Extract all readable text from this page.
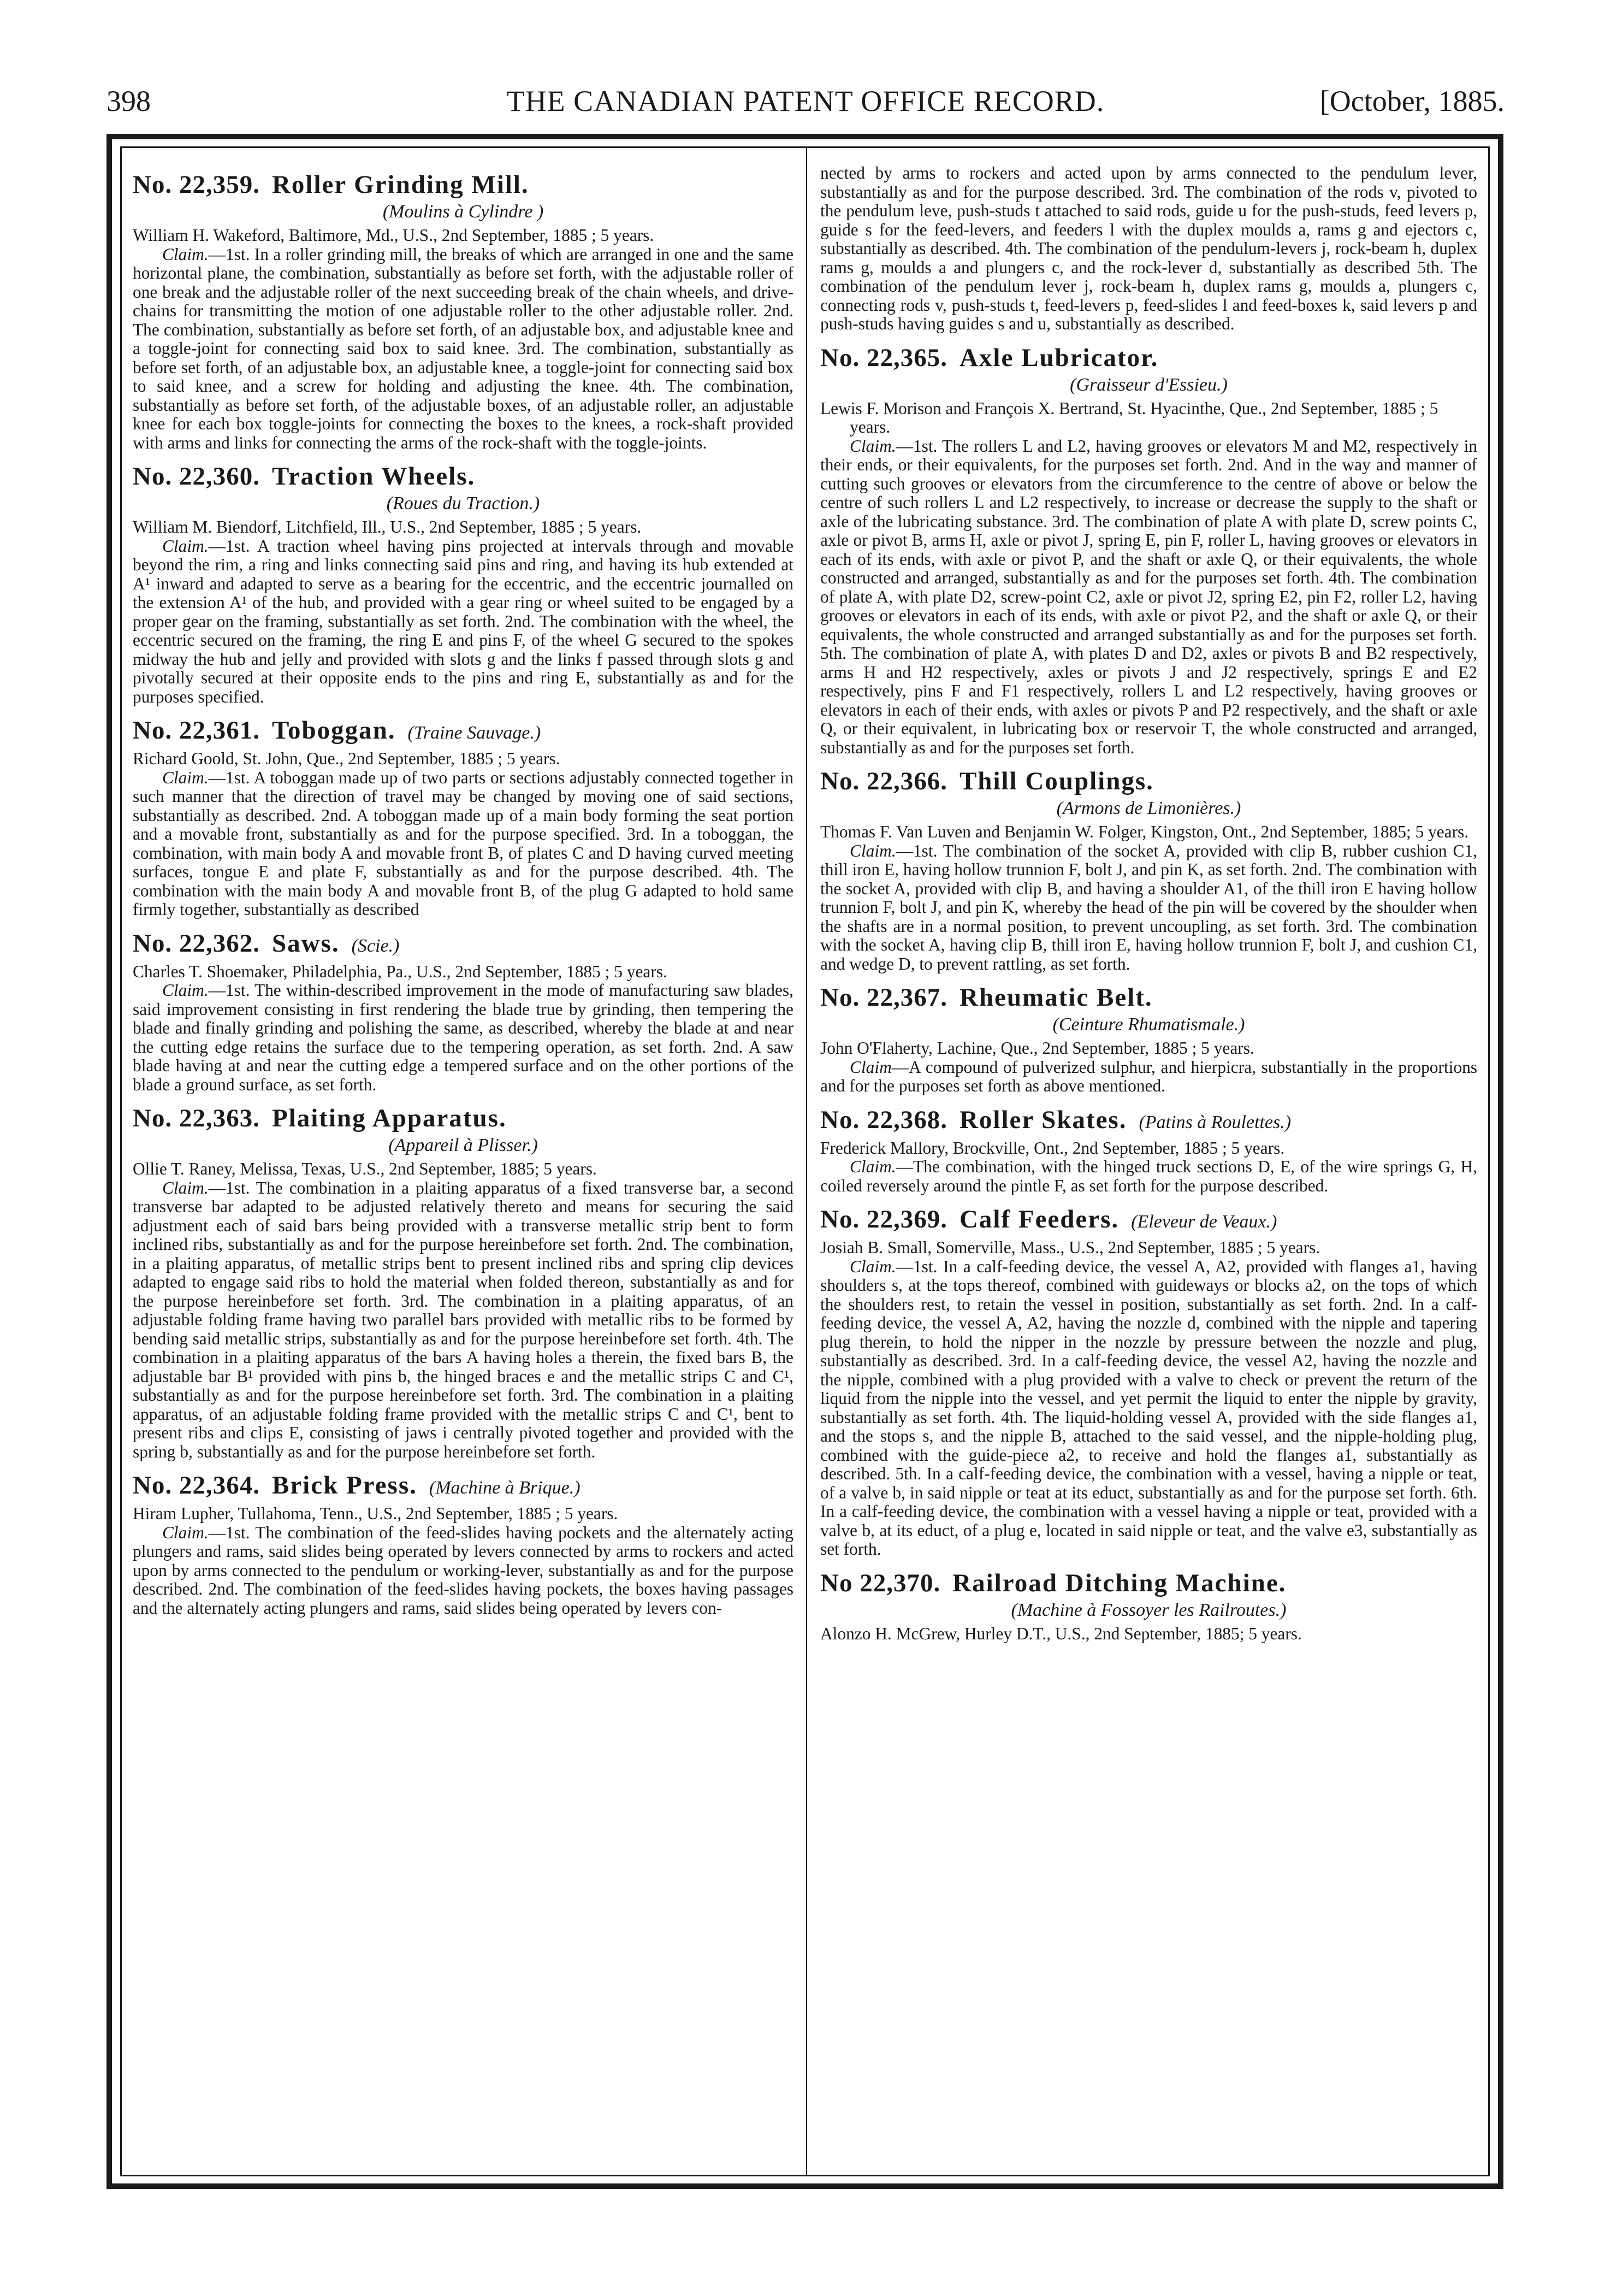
398	THE CANADIAN PATENT OFFICE RECORD.	[October, 1885.
No. 22,359. Roller Grinding Mill.
(Moulins à Cylindre )
William H. Wakeford, Baltimore, Md., U.S., 2nd September, 1885 ; 5 years.
Claim.—1st. In a roller grinding mill, the breaks of which are arranged in one and the same horizontal plane, the combination, substantially as before set forth, with the adjustable roller of one break and the adjustable roller of the next succeeding break of the chain wheels, and drive-chains for transmitting the motion of one adjustable roller to the other adjustable roller. 2nd. The combination, substantially as before set forth, of an adjustable box, and adjustable knee and a toggle-joint for connecting said box to said knee. 3rd. The combination, substantially as before set forth, of an adjustable box, an adjustable knee, a toggle-joint for connecting said box to said knee, and a screw for holding and adjusting the knee. 4th. The combination, substantially as before set forth, of the adjustable boxes, of an adjustable roller, an adjustable knee for each box toggle-joints for connecting the boxes to the knees, a rock-shaft provided with arms and links for connecting the arms of the rock-shaft with the toggle-joints.
No. 22,360. Traction Wheels.
(Roues du Traction.)
William M. Biendorf, Litchfield, Ill., U.S., 2nd September, 1885 ; 5 years.
Claim.—1st. A traction wheel having pins projected at intervals through and movable beyond the rim, a ring and links connecting said pins and ring, and having its hub extended at A¹ inward and adapted to serve as a bearing for the eccentric, and the eccentric journalled on the extension A¹ of the hub, and provided with a gear ring or wheel suited to be engaged by a proper gear on the framing, substantially as set forth. 2nd. The combination with the wheel, the eccentric secured on the framing, the ring E and pins F, of the wheel G secured to the spokes midway the hub and jelly and provided with slots g and the links f passed through slots g and pivotally secured at their opposite ends to the pins and ring E, substantially as and for the purposes specified.
No. 22,361. Toboggan. (Traine Sauvage.)
Richard Goold, St. John, Que., 2nd September, 1885 ; 5 years.
Claim.—1st. A toboggan made up of two parts or sections adjustably connected together in such manner that the direction of travel may be changed by moving one of said sections, substantially as described. 2nd. A toboggan made up of a main body forming the seat portion and a movable front, substantially as and for the purpose specified. 3rd. In a toboggan, the combination, with main body A and movable front B, of plates C and D having curved meeting surfaces, tongue E and plate F, substantially as and for the purpose described. 4th. The combination with the main body A and movable front B, of the plug G adapted to hold same firmly together, substantially as described
No. 22,362. Saws. (Scie.)
Charles T. Shoemaker, Philadelphia, Pa., U.S., 2nd September, 1885 ; 5 years.
Claim.—1st. The within-described improvement in the mode of manufacturing saw blades, said improvement consisting in first rendering the blade true by grinding, then tempering the blade and finally grinding and polishing the same, as described, whereby the blade at and near the cutting edge retains the surface due to the tempering operation, as set forth. 2nd. A saw blade having at and near the cutting edge a tempered surface and on the other portions of the blade a ground surface, as set forth.
No. 22,363. Plaiting Apparatus.
(Appareil à Plisser.)
Ollie T. Raney, Melissa, Texas, U.S., 2nd September, 1885; 5 years.
Claim.—1st. The combination in a plaiting apparatus of a fixed transverse bar, a second transverse bar adapted to be adjusted relatively thereto and means for securing the said adjustment each of said bars being provided with a transverse metallic strip bent to form inclined ribs, substantially as and for the purpose hereinbefore set forth. 2nd. The combination, in a plaiting apparatus, of metallic strips bent to present inclined ribs and spring clip devices adapted to engage said ribs to hold the material when folded thereon, substantially as and for the purpose hereinbefore set forth. 3rd. The combination in a plaiting apparatus, of an adjustable folding frame having two parallel bars provided with metallic ribs to be formed by bending said metallic strips, substantially as and for the purpose hereinbefore set forth. 4th. The combination in a plaiting apparatus of the bars A having holes a therein, the fixed bars B, the adjustable bar B¹ provided with pins b, the hinged braces e and the metallic strips C and C¹, substantially as and for the purpose hereinbefore set forth. 3rd. The combination in a plaiting apparatus, of an adjustable folding frame provided with the metallic strips C and C¹, bent to present ribs and clips E, consisting of jaws i centrally pivoted together and provided with the spring b, substantially as and for the purpose hereinbefore set forth.
No. 22,364. Brick Press. (Machine à Brique.)
Hiram Lupher, Tullahoma, Tenn., U.S., 2nd September, 1885 ; 5 years.
Claim.—1st. The combination of the feed-slides having pockets and the alternately acting plungers and rams, said slides being operated by levers connected by arms to rockers and acted upon by arms connected to the pendulum or working-lever, substantially as and for the purpose described. 2nd. The combination of the feed-slides having pockets, the boxes having passages and the alternately acting plungers and rams, said slides being operated by levers con-
nected by arms to rockers and acted upon by arms connected to the pendulum lever, substantially as and for the purpose described. 3rd. The combination of the rods v, pivoted to the pendulum leve, push-studs t attached to said rods, guide u for the push-studs, feed levers p, guide s for the feed-levers, and feeders l with the duplex moulds a, rams g and ejectors c, substantially as described. 4th. The combination of the pendulum-levers j, rock-beam h, duplex rams g, moulds a and plungers c, and the rock-lever d, substantially as described 5th. The combination of the pendulum lever j, rock-beam h, duplex rams g, moulds a, plungers c, connecting rods v, push-studs t, feed-levers p, feed-slides l and feed-boxes k, said levers p and push-studs having guides s and u, substantially as described.
No. 22,365. Axle Lubricator.
(Graisseur d'Essieu.)
Lewis F. Morison and François X. Bertrand, St. Hyacinthe, Que., 2nd September, 1885 ; 5 years.
Claim.—1st. The rollers L and L2, having grooves or elevators M and M2, respectively in their ends, or their equivalents, for the purposes set forth. 2nd. And in the way and manner of cutting such grooves or elevators from the circumference to the centre of above or below the centre of such rollers L and L2 respectively, to increase or decrease the supply to the shaft or axle of the lubricating substance. 3rd. The combination of plate A with plate D, screw points C, axle or pivot B, arms H, axle or pivot J, spring E, pin F, roller L, having grooves or elevators in each of its ends, with axle or pivot P, and the shaft or axle Q, or their equivalents, the whole constructed and arranged, substantially as and for the purposes set forth. 4th. The combination of plate A, with plate D2, screw-point C2, axle or pivot J2, spring E2, pin F2, roller L2, having grooves or elevators in each of its ends, with axle or pivot P2, and the shaft or axle Q, or their equivalents, the whole constructed and arranged substantially as and for the purposes set forth. 5th. The combination of plate A, with plates D and D2, axles or pivots B and B2 respectively, arms H and H2 respectively, axles or pivots J and J2 respectively, springs E and E2 respectively, pins F and F1 respectively, rollers L and L2 respectively, having grooves or elevators in each of their ends, with axles or pivots P and P2 respectively, and the shaft or axle Q, or their equivalent, in lubricating box or reservoir T, the whole constructed and arranged, substantially as and for the purposes set forth.
No. 22,366. Thill Couplings.
(Armons de Limonières.)
Thomas F. Van Luven and Benjamin W. Folger, Kingston, Ont., 2nd September, 1885; 5 years.
Claim.—1st. The combination of the socket A, provided with clip B, rubber cushion C1, thill iron E, having hollow trunnion F, bolt J, and pin K, as set forth. 2nd. The combination with the socket A, provided with clip B, and having a shoulder A1, of the thill iron E having hollow trunnion F, bolt J, and pin K, whereby the head of the pin will be covered by the shoulder when the shafts are in a normal position, to prevent uncoupling, as set forth. 3rd. The combination with the socket A, having clip B, thill iron E, having hollow trunnion F, bolt J, and cushion C1, and wedge D, to prevent rattling, as set forth.
No. 22,367. Rheumatic Belt.
(Ceinture Rhumatismale.)
John O'Flaherty, Lachine, Que., 2nd September, 1885 ; 5 years.
Claim—A compound of pulverized sulphur, and hierpicra, substantially in the proportions and for the purposes set forth as above mentioned.
No. 22,368. Roller Skates. (Patins à Roulettes.)
Frederick Mallory, Brockville, Ont., 2nd September, 1885 ; 5 years.
Claim.—The combination, with the hinged truck sections D, E, of the wire springs G, H, coiled reversely around the pintle F, as set forth for the purpose described.
No. 22,369. Calf Feeders. (Eleveur de Veaux.)
Josiah B. Small, Somerville, Mass., U.S., 2nd September, 1885 ; 5 years.
Claim.—1st. In a calf-feeding device, the vessel A, A2, provided with flanges a1, having shoulders s, at the tops thereof, combined with guideways or blocks a2, on the tops of which the shoulders rest, to retain the vessel in position, substantially as set forth. 2nd. In a calf-feeding device, the vessel A, A2, having the nozzle d, combined with the nipple and tapering plug therein, to hold the nipper in the nozzle by pressure between the nozzle and plug, substantially as described. 3rd. In a calf-feeding device, the vessel A2, having the nozzle and the nipple, combined with a plug provided with a valve to check or prevent the return of the liquid from the nipple into the vessel, and yet permit the liquid to enter the nipple by gravity, substantially as set forth. 4th. The liquid-holding vessel A, provided with the side flanges a1, and the stops s, and the nipple B, attached to the said vessel, and the nipple-holding plug, combined with the guide-piece a2, to receive and hold the flanges a1, substantially as described. 5th. In a calf-feeding device, the combination with a vessel, having a nipple or teat, of a valve b, in said nipple or teat at its educt, substantially as and for the purpose set forth. 6th. In a calf-feeding device, the combination with a vessel having a nipple or teat, provided with a valve b, at its educt, of a plug e, located in said nipple or teat, and the valve e3, substantially as set forth.
No 22,370. Railroad Ditching Machine.
(Machine à Fossoyer les Railroutes.)
Alonzo H. McGrew, Hurley D.T., U.S., 2nd September, 1885; 5 years.
